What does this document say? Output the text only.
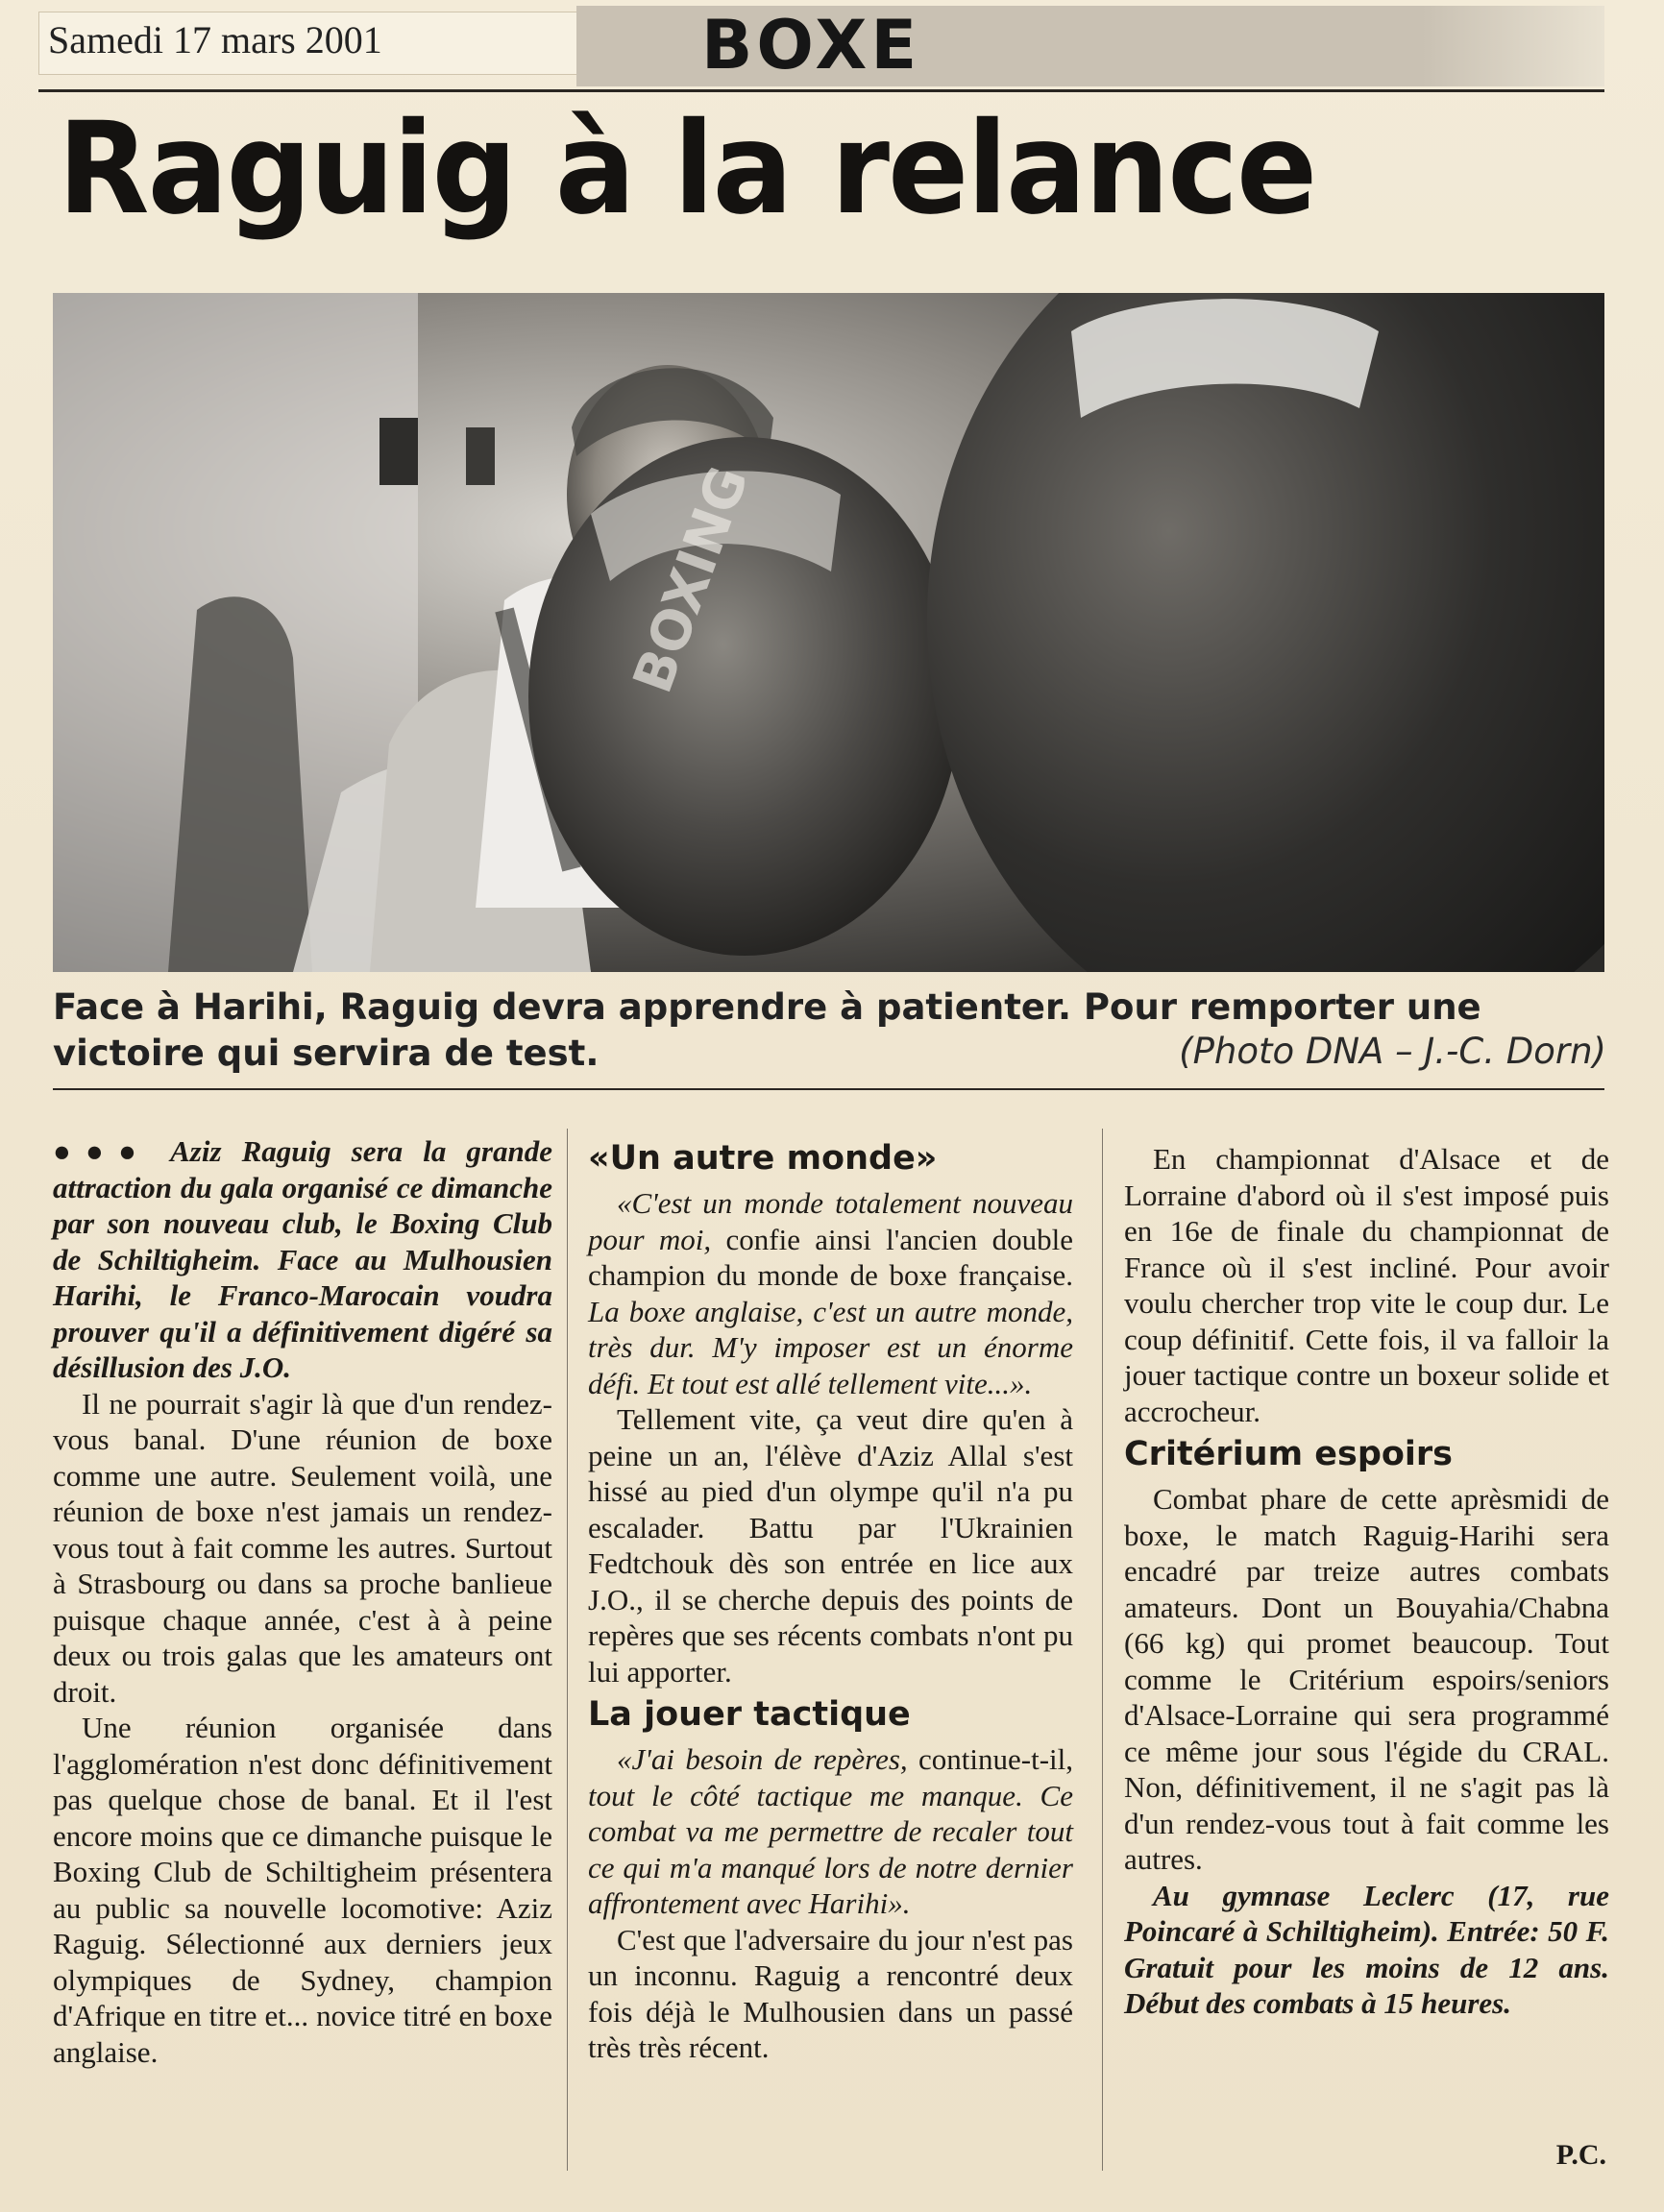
Samedi 17 mars 2001	BOXE
Raguig à la relance
BOXING
Face à Harihi, Raguig devra apprendre à patienter. Pour remporter une victoire qui servira de test.	(Photo DNA – J.-C. Dorn)

●●● Aziz Raguig sera la grande attraction du gala organisé ce dimanche par son nouveau club, le Boxing Club de Schiltigheim. Face au Mulhousien Harihi, le Franco-Marocain voudra prouver qu'il a définitivement digéré sa désillusion des J.O.

Il ne pourrait s'agir là que d'un rendez-vous banal. D'une réunion de boxe comme une autre. Seulement voilà, une réunion de boxe n'est jamais un rendez-vous tout à fait comme les autres. Surtout à Strasbourg ou dans sa proche banlieue puisque chaque année, c'est à à peine deux ou trois galas que les amateurs ont droit.

Une réunion organisée dans l'agglomération n'est donc définitivement pas quelque chose de banal. Et il l'est encore moins que ce dimanche puisque le Boxing Club de Schiltigheim présentera au public sa nouvelle locomotive: Aziz Raguig. Sélectionné aux derniers jeux olympiques de Sydney, champion d'Afrique en titre et... novice titré en boxe anglaise.

«Un autre monde»

«C'est un monde totalement nouveau pour moi, confie ainsi l'ancien double champion du monde de boxe française. La boxe anglaise, c'est un autre monde, très dur. M'y imposer est un énorme défi. Et tout est allé tellement vite...».

Tellement vite, ça veut dire qu'en à peine un an, l'élève d'Aziz Allal s'est hissé au pied d'un olympe qu'il n'a pu escalader. Battu par l'Ukrainien Fedtchouk dès son entrée en lice aux J.O., il se cherche depuis des points de repères que ses récents combats n'ont pu lui apporter.

La jouer tactique

«J'ai besoin de repères, continue-t-il, tout le côté tactique me manque. Ce combat va me permettre de recaler tout ce qui m'a manqué lors de notre dernier affrontement avec Harihi».

C'est que l'adversaire du jour n'est pas un inconnu. Raguig a rencontré deux fois déjà le Mulhousien dans un passé très très récent.

En championnat d'Alsace et de Lorraine d'abord où il s'est imposé puis en 16e de finale du championnat de France où il s'est incliné. Pour avoir voulu chercher trop vite le coup dur. Le coup définitif. Cette fois, il va falloir la jouer tactique contre un boxeur solide et accrocheur.

Critérium espoirs

Combat phare de cette aprèsmidi de boxe, le match Raguig-Harihi sera encadré par treize autres combats amateurs. Dont un Bouyahia/Chabna (66 kg) qui promet beaucoup. Tout comme le Critérium espoirs/seniors d'Alsace-Lorraine qui sera programmé ce même jour sous l'égide du CRAL. Non, définitivement, il ne s'agit pas là d'un rendez-vous tout à fait comme les autres.

Au gymnase Leclerc (17, rue Poincaré à Schiltigheim). Entrée: 50 F. Gratuit pour les moins de 12 ans. Début des combats à 15 heures.

P.C.
